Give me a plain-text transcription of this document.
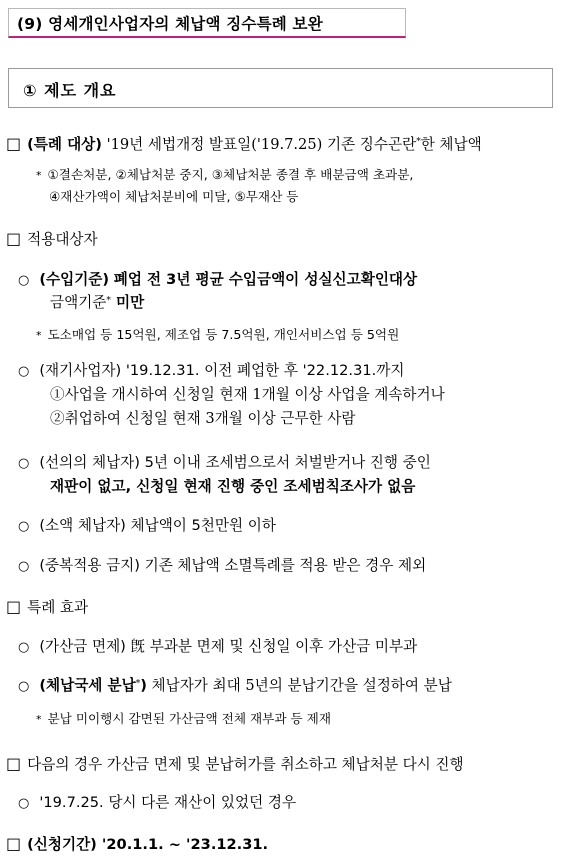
(9) 영세개인사업자의 체납액 징수특례 보완
① 제도 개요
□ (특례 대상) '19년 세법개정 발표일('19.7.25) 기존 징수곤란*한 체납액
* ①결손처분, ②체납처분 중지, ③체납처분 종결 후 배분금액 초과분,
④재산가액이 체납처분비에 미달, ⑤무재산 등
□ 적용대상자
○ (수입기준) 폐업 전 3년 평균 수입금액이 성실신고확인대상
금액기준* 미만
* 도소매업 등 15억원, 제조업 등 7.5억원, 개인서비스업 등 5억원
○ (재기사업자) '19.12.31. 이전 폐업한 후 '22.12.31.까지
①사업을 개시하여 신청일 현재 1개월 이상 사업을 계속하거나
②취업하여 신청일 현재 3개월 이상 근무한 사람
○ (선의의 체납자) 5년 이내 조세범으로서 처벌받거나 진행 중인
재판이 없고, 신청일 현재 진행 중인 조세범칙조사가 없음
○ (소액 체납자) 체납액이 5천만원 이하
○ (중복적용 금지) 기존 체납액 소멸특례를 적용 받은 경우 제외
□ 특례 효과
○ (가산금 면제) 旣 부과분 면제 및 신청일 이후 가산금 미부과
○ (체납국세 분납*) 체납자가 최대 5년의 분납기간을 설정하여 분납
* 분납 미이행시 감면된 가산금액 전체 재부과 등 제재
□ 다음의 경우 가산금 면제 및 분납허가를 취소하고 체납처분 다시 진행
○ '19.7.25. 당시 다른 재산이 있었던 경우
□ (신청기간) '20.1.1. ~ '23.12.31.
